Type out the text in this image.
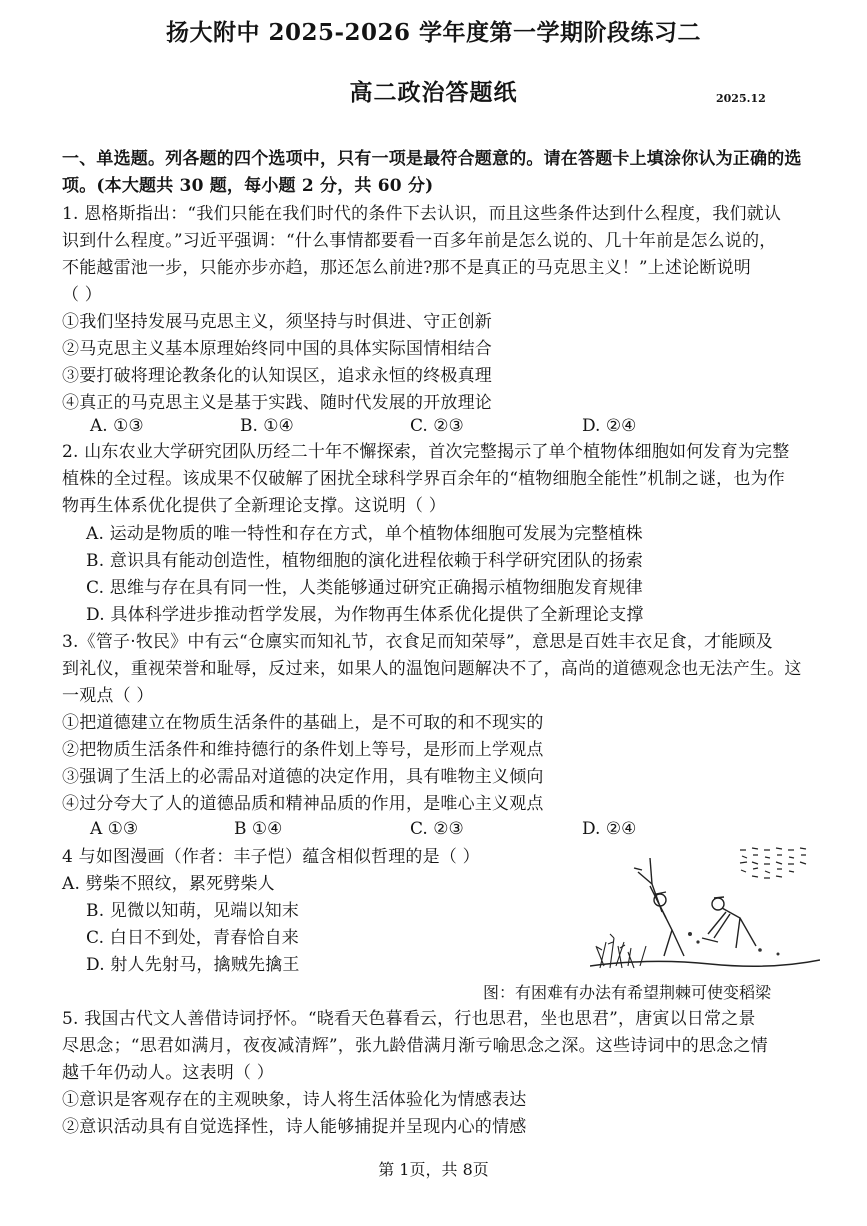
扬大附中 2025-2026 学年度第一学期阶段练习二
高二政治答题纸	2025.12
一、单选题。列各题的四个选项中，只有一项是最符合题意的。请在答题卡上填涂你认为正确的选
项。(本大题共 30 题，每小题 2 分，共 60 分)
1. 恩格斯指出：“我们只能在我们时代的条件下去认识，而且这些条件达到什么程度，我们就认
识到什么程度。”习近平强调：“什么事情都要看一百多年前是怎么说的、几十年前是怎么说的，
不能越雷池一步，只能亦步亦趋，那还怎么前进?那不是真正的马克思主义！”上述论断说明
（ ）
①我们坚持发展马克思主义，须坚持与时俱进、守正创新
②马克思主义基本原理始终同中国的具体实际国情相结合
③要打破将理论教条化的认知误区，追求永恒的终极真理
④真正的马克思主义是基于实践、随时代发展的开放理论
A. ①③	B. ①④	C. ②③	D. ②④
2. 山东农业大学研究团队历经二十年不懈探索，首次完整揭示了单个植物体细胞如何发育为完整
植株的全过程。该成果不仅破解了困扰全球科学界百余年的“植物细胞全能性”机制之谜，也为作
物再生体系优化提供了全新理论支撑。这说明（ ）
A. 运动是物质的唯一特性和存在方式，单个植物体细胞可发展为完整植株
B. 意识具有能动创造性，植物细胞的演化进程依赖于科学研究团队的扬索
C. 思维与存在具有同一性，人类能够通过研究正确揭示植物细胞发育规律
D. 具体科学进步推动哲学发展，为作物再生体系优化提供了全新理论支撑
3.《管子·牧民》中有云“仓廪实而知礼节，衣食足而知荣辱”，意思是百姓丰衣足食，才能顾及
到礼仪，重视荣誉和耻辱，反过来，如果人的温饱问题解决不了，高尚的道德观念也无法产生。这
一观点（ ）
①把道德建立在物质生活条件的基础上，是不可取的和不现实的
②把物质生活条件和维持德行的条件划上等号，是形而上学观点
③强调了生活上的必需品对道德的决定作用，具有唯物主义倾向
④过分夸大了人的道德品质和精神品质的作用，是唯心主义观点
A ①③	B ①④	C. ②③	D. ②④
4 与如图漫画（作者：丰子恺）蕴含相似哲理的是（ ）
A. 劈柴不照纹，累死劈柴人
B. 见微以知萌，见端以知末
C. 白日不到处，青春恰自来
D. 射人先射马，擒贼先擒王
图：有困难有办法有希望荆棘可使变稻梁
5. 我国古代文人善借诗词抒怀。“晓看天色暮看云，行也思君，坐也思君”，唐寅以日常之景
尽思念；“思君如满月，夜夜减清辉”，张九龄借满月渐亏喻思念之深。这些诗词中的思念之情
越千年仍动人。这表明（ ）
①意识是客观存在的主观映象，诗人将生活体验化为情感表达
②意识活动具有自觉选择性，诗人能够捕捉并呈现内心的情感
第 1页，共 8页
